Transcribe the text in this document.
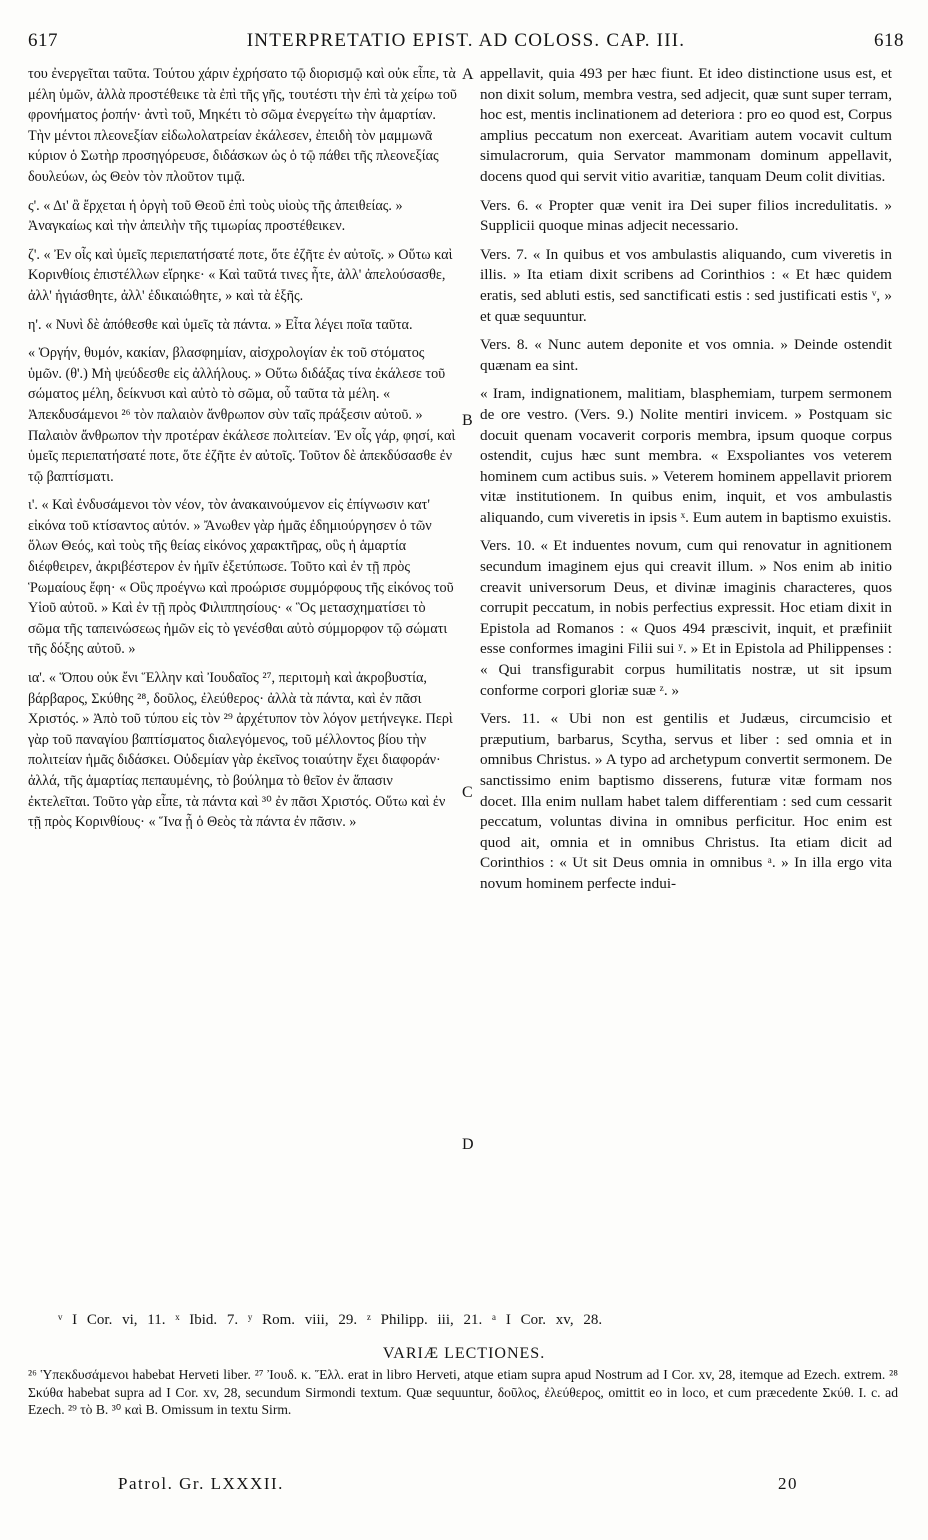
617	INTERPRETATIO EPIST. AD COLOSS. CAP. III.	618

του ἐνεργεῖται ταῦτα. Τούτου χάριν ἐχρήσατο τῷ διορισμῷ καὶ οὐκ εἶπε, τὰ μέλη ὑμῶν, ἀλλὰ προστέθεικε τὰ ἐπὶ τῆς γῆς, τουτέστι τὴν ἐπὶ τὰ χείρω τοῦ φρονήματος ῥοπήν· ἀντὶ τοῦ, Μηκέτι τὸ σῶμα ἐνεργείτω τὴν ἁμαρτίαν. Τὴν μέντοι πλεονεξίαν εἰδωλολατρείαν ἐκάλεσεν, ἐπειδὴ τὸν μαμμωνᾶ κύριον ὁ Σωτὴρ προσηγόρευσε, διδάσκων ὡς ὁ τῷ πάθει τῆς πλεονεξίας δουλεύων, ὡς Θεὸν τὸν πλοῦτον τιμᾷ.

ς'. « Δι' ἃ ἔρχεται ἡ ὀργὴ τοῦ Θεοῦ ἐπὶ τοὺς υἱοὺς τῆς ἀπειθείας. » Ἀναγκαίως καὶ τὴν ἀπειλὴν τῆς τιμωρίας προστέθεικεν.

ζ'. « Ἐν οἷς καὶ ὑμεῖς περιεπατήσατέ ποτε, ὅτε ἐζῆτε ἐν αὐτοῖς. » Οὕτω καὶ Κορινθίοις ἐπιστέλλων εἴρηκε· « Καὶ ταῦτά τινες ἦτε, ἀλλ' ἀπελούσασθε, ἀλλ' ἡγιάσθητε, ἀλλ' ἐδικαιώθητε, » καὶ τὰ ἑξῆς.

η'. « Νυνὶ δὲ ἀπόθεσθε καὶ ὑμεῖς τὰ πάντα. » Εἶτα λέγει ποῖα ταῦτα.

« Ὀργήν, θυμόν, κακίαν, βλασφημίαν, αἰσχρολογίαν ἐκ τοῦ στόματος ὑμῶν. (θ'.) Μὴ ψεύδεσθε εἰς ἀλλήλους. » Οὕτω διδάξας τίνα ἐκάλεσε τοῦ σώματος μέλη, δείκνυσι καὶ αὐτὸ τὸ σῶμα, οὗ ταῦτα τὰ μέλη. « Ἀπεκδυσάμενοι ²⁶ τὸν παλαιὸν ἄνθρωπον σὺν ταῖς πράξεσιν αὐτοῦ. » Παλαιὸν ἄνθρωπον τὴν προτέραν ἐκάλεσε πολιτείαν. Ἐν οἷς γάρ, φησί, καὶ ὑμεῖς περιεπατήσατέ ποτε, ὅτε ἐζῆτε ἐν αὐτοῖς. Τοῦτον δὲ ἀπεκδύσασθε ἐν τῷ βαπτίσματι.

ι'. « Καὶ ἐνδυσάμενοι τὸν νέον, τὸν ἀνακαινούμενον εἰς ἐπίγνωσιν κατ' εἰκόνα τοῦ κτίσαντος αὐτόν. » Ἄνωθεν γὰρ ἡμᾶς ἐδημιούργησεν ὁ τῶν ὅλων Θεός, καὶ τοὺς τῆς θείας εἰκόνος χαρακτῆρας, οὓς ἡ ἁμαρτία διέφθειρεν, ἀκριβέστερον ἐν ἡμῖν ἐξετύπωσε. Τοῦτο καὶ ἐν τῇ πρὸς Ῥωμαίους ἔφη· « Οὓς προέγνω καὶ προώρισε συμμόρφους τῆς εἰκόνος τοῦ Υἱοῦ αὐτοῦ. » Καὶ ἐν τῇ πρὸς Φιλιππησίους· « Ὃς μετασχηματίσει τὸ σῶμα τῆς ταπεινώσεως ἡμῶν εἰς τὸ γενέσθαι αὐτὸ σύμμορφον τῷ σώματι τῆς δόξης αὐτοῦ. »

ια'. « Ὅπου οὐκ ἔνι Ἕλλην καὶ Ἰουδαῖος ²⁷, περιτομὴ καὶ ἀκροβυστία, βάρβαρος, Σκύθης ²⁸, δοῦλος, ἐλεύθερος· ἀλλὰ τὰ πάντα, καὶ ἐν πᾶσι Χριστός. » Ἀπὸ τοῦ τύπου εἰς τὸν ²⁹ ἀρχέτυπον τὸν λόγον μετήνεγκε. Περὶ γὰρ τοῦ παναγίου βαπτίσματος διαλεγόμενος, τοῦ μέλλοντος βίου τὴν πολιτείαν ἡμᾶς διδάσκει. Οὐδεμίαν γὰρ ἐκεῖνος τοιαύτην ἔχει διαφοράν· ἀλλά, τῆς ἁμαρτίας πεπαυμένης, τὸ βούλημα τὸ θεῖον ἐν ἅπασιν ἐκτελεῖται. Τοῦτο γὰρ εἶπε, τὰ πάντα καὶ ³⁰ ἐν πᾶσι Χριστός. Οὕτω καὶ ἐν τῇ πρὸς Κορινθίους· « Ἵνα ᾖ ὁ Θεὸς τὰ πάντα ἐν πᾶσιν. »

A
B
C
D

appellavit, quia 493 per hæc fiunt. Et ideo distinctione usus est, et non dixit solum, membra vestra, sed adjecit, quæ sunt super terram, hoc est, mentis inclinationem ad deteriora : pro eo quod est, Corpus amplius peccatum non exerceat. Avaritiam autem vocavit cultum simulacrorum, quia Servator mammonam dominum appellavit, docens quod qui servit vitio avaritiæ, tanquam Deum colit divitias.

Vers. 6. « Propter quæ venit ira Dei super filios incredulitatis. » Supplicii quoque minas adjecit necessario.

Vers. 7. « In quibus et vos ambulastis aliquando, cum viveretis in illis. » Ita etiam dixit scribens ad Corinthios : « Et hæc quidem eratis, sed abluti estis, sed sanctificati estis : sed justificati estis ᵛ, » et quæ sequuntur.

Vers. 8. « Nunc autem deponite et vos omnia. » Deinde ostendit quænam ea sint.

« Iram, indignationem, malitiam, blasphemiam, turpem sermonem de ore vestro. (Vers. 9.) Nolite mentiri invicem. » Postquam sic docuit quenam vocaverit corporis membra, ipsum quoque corpus ostendit, cujus hæc sunt membra. « Exspoliantes vos veterem hominem cum actibus suis. » Veterem hominem appellavit priorem vitæ institutionem. In quibus enim, inquit, et vos ambulastis aliquando, cum viveretis in ipsis ˣ. Eum autem in baptismo exuistis.

Vers. 10. « Et induentes novum, cum qui renovatur in agnitionem secundum imaginem ejus qui creavit illum. » Nos enim ab initio creavit universorum Deus, et divinæ imaginis characteres, quos corrupit peccatum, in nobis perfectius expressit. Hoc etiam dixit in Epistola ad Romanos : « Quos 494 præscivit, inquit, et præfiniit esse conformes imagini Filii sui ʸ. » Et in Epistola ad Philippenses : « Qui transfigurabit corpus humilitatis nostræ, ut sit ipsum conforme corpori gloriæ suæ ᶻ. »

Vers. 11. « Ubi non est gentilis et Judæus, circumcisio et præputium, barbarus, Scytha, servus et liber : sed omnia et in omnibus Christus. » A typo ad archetypum convertit sermonem. De sanctissimo enim baptismo disserens, futuræ vitæ formam nos docet. Illa enim nullam habet talem differentiam : sed cum cessarit peccatum, voluntas divina in omnibus perficitur. Hoc enim est quod ait, omnia et in omnibus Christus. Ita etiam dicit ad Corinthios : « Ut sit Deus omnia in omnibus ᵃ. » In illa ergo vita novum hominem perfecte indui-

ᵛ I Cor. vi, 11. ˣ Ibid. 7. ʸ Rom. viii, 29. ᶻ Philipp. iii, 21. ᵃ I Cor. xv, 28.
VARIÆ LECTIONES.
²⁶ Ὑπεκδυσάμενοι habebat Herveti liber. ²⁷ Ἰουδ. κ. Ἕλλ. erat in libro Herveti, atque etiam supra apud Nostrum ad I Cor. xv, 28, itemque ad Ezech. extrem. ²⁸ Σκύθα habebat supra ad I Cor. xv, 28, secundum Sirmondi textum. Quæ sequuntur, δοῦλος, ἐλεύθερος, omittit eo in loco, et cum præcedente Σκύθ. I. c. ad Ezech. ²⁹ τὸ B. ³⁰ καὶ B. Omissum in textu Sirm.
Patrol. Gr. LXXXII.	20
